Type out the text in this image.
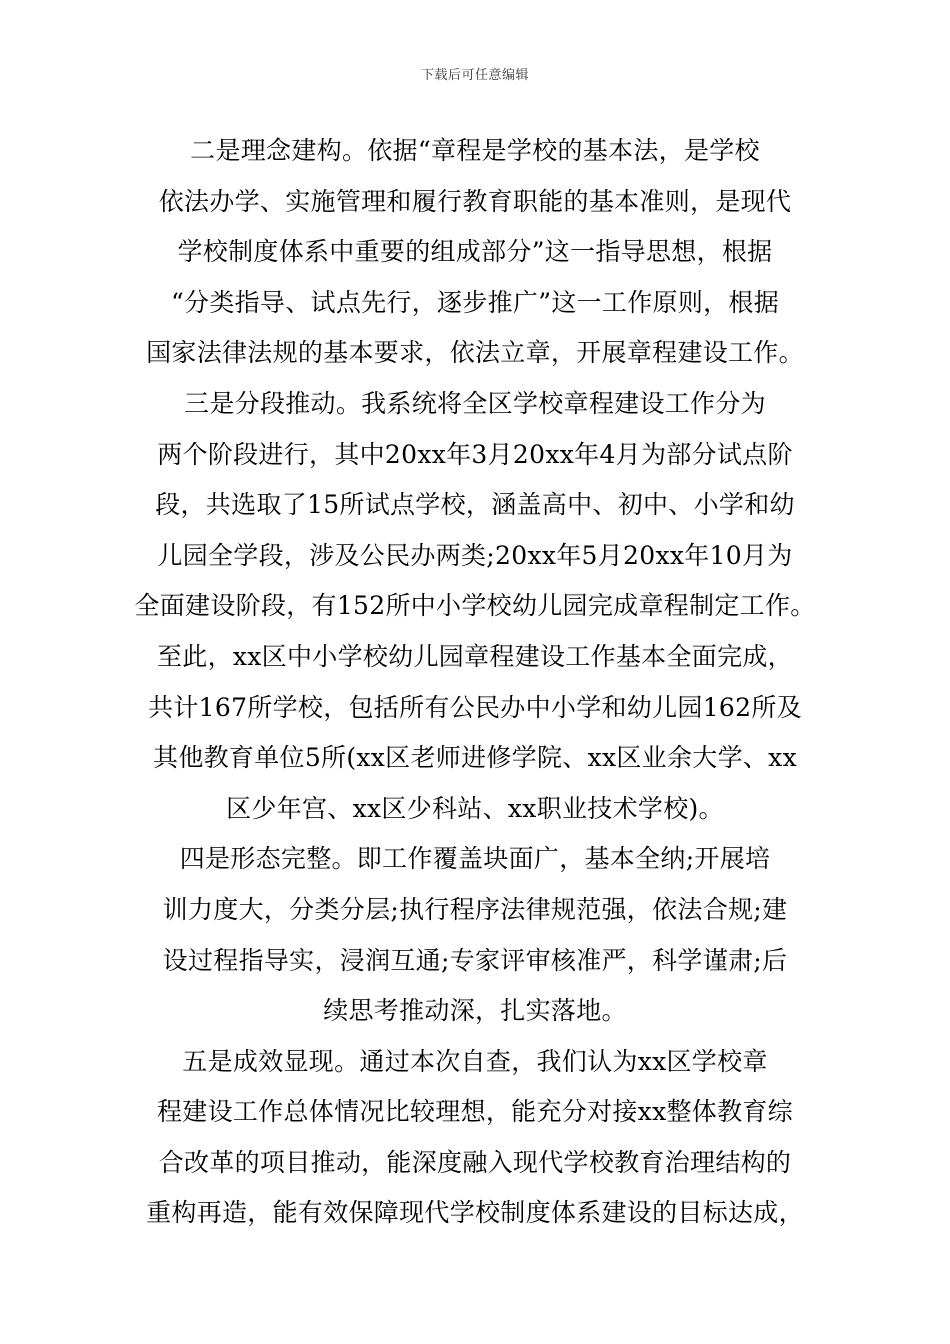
下载后可任意编辑
二是理念建构。依据“章程是学校的基本法，是学校
依法办学、实施管理和履行教育职能的基本准则，是现代
学校制度体系中重要的组成部分”这一指导思想，根据
“分类指导、试点先行，逐步推广”这一工作原则，根据
国家法律法规的基本要求，依法立章，开展章程建设工作。
三是分段推动。我系统将全区学校章程建设工作分为
两个阶段进行，其中20xx年3月20xx年4月为部分试点阶
段，共选取了15所试点学校，涵盖高中、初中、小学和幼
儿园全学段，涉及公民办两类;20xx年5月20xx年10月为
全面建设阶段，有152所中小学校幼儿园完成章程制定工作。
至此，xx区中小学校幼儿园章程建设工作基本全面完成，
共计167所学校，包括所有公民办中小学和幼儿园162所及
其他教育单位5所(xx区老师进修学院、xx区业余大学、xx
区少年宫、xx区少科站、xx职业技术学校)。
四是形态完整。即工作覆盖块面广，基本全纳;开展培
训力度大，分类分层;执行程序法律规范强，依法合规;建
设过程指导实，浸润互通;专家评审核准严，科学谨肃;后
续思考推动深，扎实落地。
五是成效显现。通过本次自查，我们认为xx区学校章
程建设工作总体情况比较理想，能充分对接xx整体教育综
合改革的项目推动，能深度融入现代学校教育治理结构的
重构再造，能有效保障现代学校制度体系建设的目标达成，
